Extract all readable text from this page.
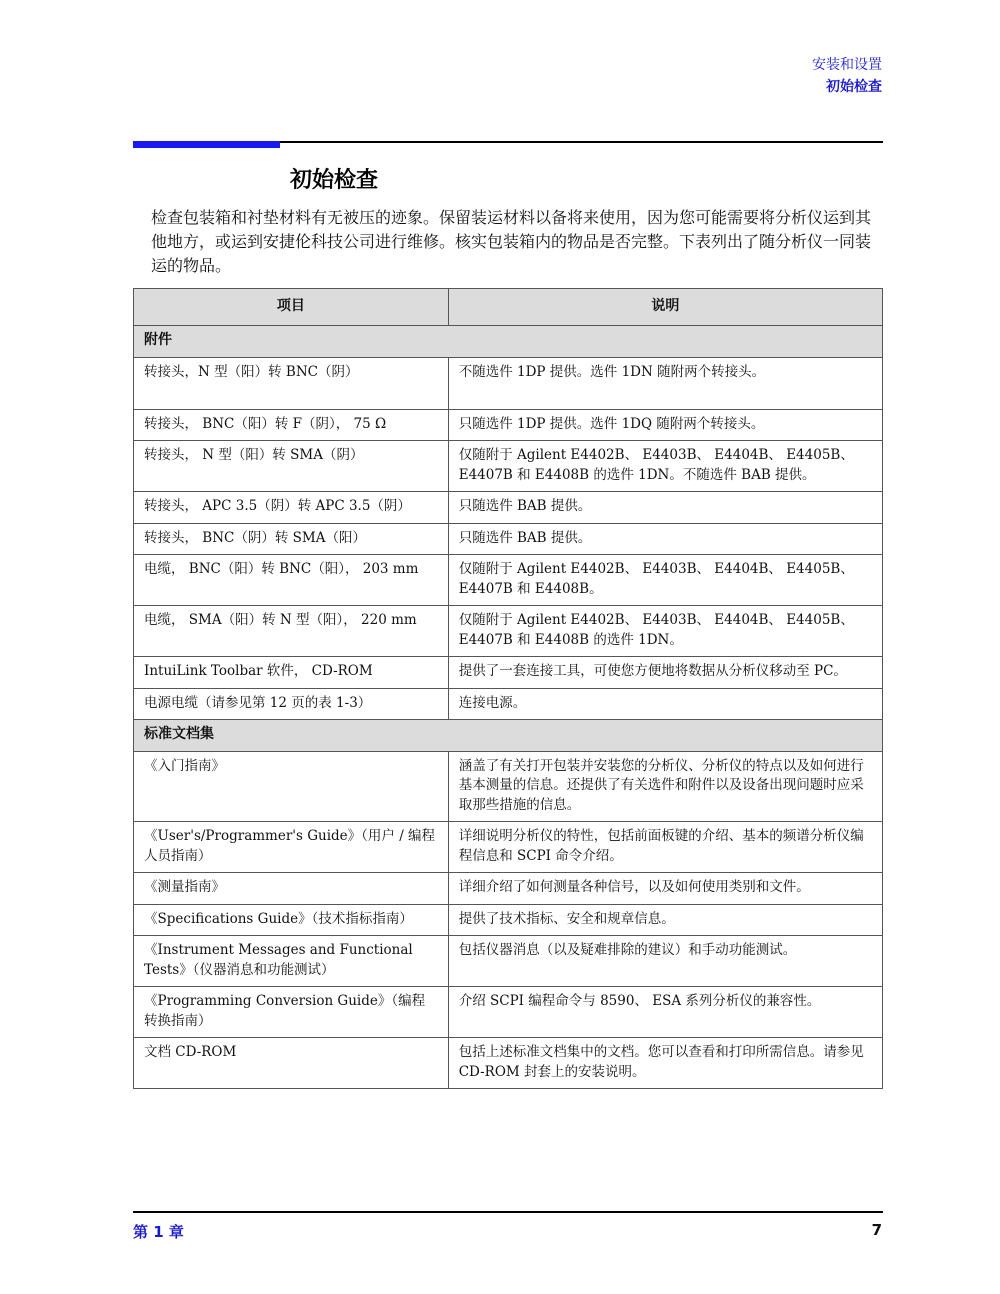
安装和设置
初始检查
初始检查
检查包装箱和衬垫材料有无被压的迹象。保留装运材料以备将来使用，因为您可能需要将分析仪运到其他地方，或运到安捷伦科技公司进行维修。核实包装箱内的物品是否完整。下表列出了随分析仪一同装运的物品。
项目	说明
附件	
转接头，N 型（阳）转 BNC（阴）	不随选件 1DP 提供。选件 1DN 随附两个转接头。
转接头， BNC（阳）转 F（阴）， 75 Ω	只随选件 1DP 提供。选件 1DQ 随附两个转接头。
转接头， N 型（阳）转 SMA（阴）	仅随附于 Agilent E4402B、 E4403B、 E4404B、 E4405B、 E4407B 和 E4408B 的选件 1DN。不随选件 BAB 提供。
转接头， APC 3.5（阴）转 APC 3.5（阴）	只随选件 BAB 提供。
转接头， BNC（阴）转 SMA（阳）	只随选件 BAB 提供。
电缆， BNC（阳）转 BNC（阳）， 203 mm	仅随附于 Agilent E4402B、 E4403B、 E4404B、 E4405B、 E4407B 和 E4408B。
电缆， SMA（阳）转 N 型（阳）， 220 mm	仅随附于 Agilent E4402B、 E4403B、 E4404B、 E4405B、 E4407B 和 E4408B 的选件 1DN。
IntuiLink Toolbar 软件， CD-ROM	提供了一套连接工具，可使您方便地将数据从分析仪移动至 PC。
电源电缆（请参见第 12 页的表 1-3）	连接电源。
标准文档集	
《入门指南》	涵盖了有关打开包装并安装您的分析仪、分析仪的特点以及如何进行基本测量的信息。还提供了有关选件和附件以及设备出现问题时应采取那些措施的信息。
《User's/Programmer's Guide》（用户 / 编程人员指南）	详细说明分析仪的特性，包括前面板键的介绍、基本的频谱分析仪编程信息和 SCPI 命令介绍。
《测量指南》	详细介绍了如何测量各种信号，以及如何使用类别和文件。
《Specifications Guide》（技术指标指南）	提供了技术指标、安全和规章信息。
《Instrument Messages and Functional Tests》（仪器消息和功能测试）	包括仪器消息（以及疑难排除的建议）和手动功能测试。
《Programming Conversion Guide》（编程转换指南）	介绍 SCPI 编程命令与 8590、 ESA 系列分析仪的兼容性。
文档 CD-ROM	包括上述标准文档集中的文档。您可以查看和打印所需信息。请参见 CD-ROM 封套上的安装说明。
第 1 章	7
